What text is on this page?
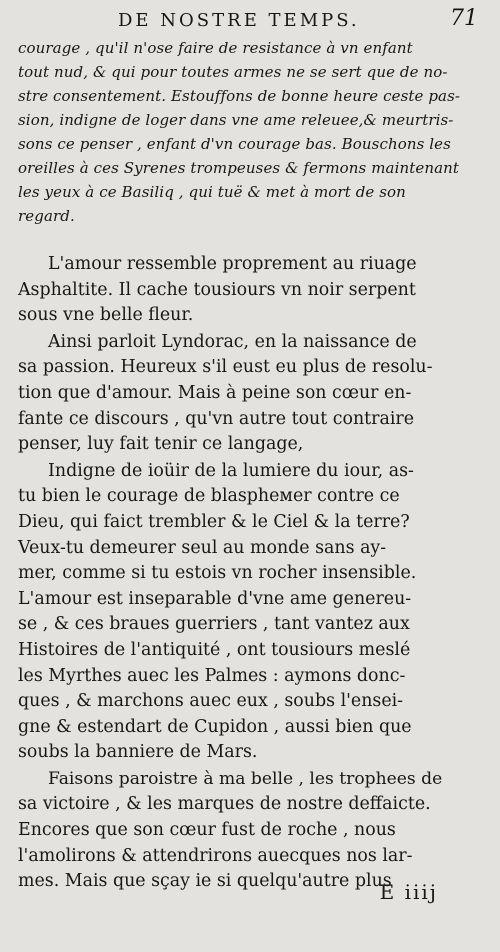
DE NOSTRE TEMPS.	71
courage , qu'il n'ose faire de resistance à vn enfant
tout nud, & qui pour toutes armes ne se sert que de no-
stre consentement. Estouffons de bonne heure ceste pas-
sion, indigne de loger dans vne ame releuee,& meurtris-
sons ce penser , enfant d'vn courage bas. Bouschons les
oreilles à ces Syrenes trompeuses & fermons maintenant
les yeux à ce Basiliq , qui tuë & met à mort de son
regard.
L'amour ressemble proprement au riuage
Asphaltite. Il cache tousiours vn noir serpent
sous vne belle fleur.
Ainsi parloit Lyndorac, en la naissance de
sa passion. Heureux s'il eust eu plus de resolu-
tion que d'amour. Mais à peine son cœur en-
fante ce discours , qu'vn autre tout contraire
penser, luy fait tenir ce langage,
Indigne de ioüir de la lumiere du iour, as-
tu bien le courage de blaspheмer contre ce
Dieu, qui faict trembler & le Ciel & la terre?
Veux-tu demeurer seul au monde sans ay-
mer, comme si tu estois vn rocher insensible.
L'amour est inseparable d'vne ame genereu-
se , & ces braues guerriers , tant vantez aux
Histoires de l'antiquité , ont tousiours meslé
les Myrthes auec les Palmes : aymons donc-
ques , & marchons auec eux , soubs l'ensei-
gne & estendart de Cupidon , aussi bien que
soubs la banniere de Mars.
Faisons paroistre à ma belle , les trophees de
sa victoire , & les marques de nostre deffaicte.
Encores que son cœur fust de roche , nous
l'amolirons & attendrirons auecques nos lar-
mes. Mais que sçay ie si quelqu'autre plus
E iiij
